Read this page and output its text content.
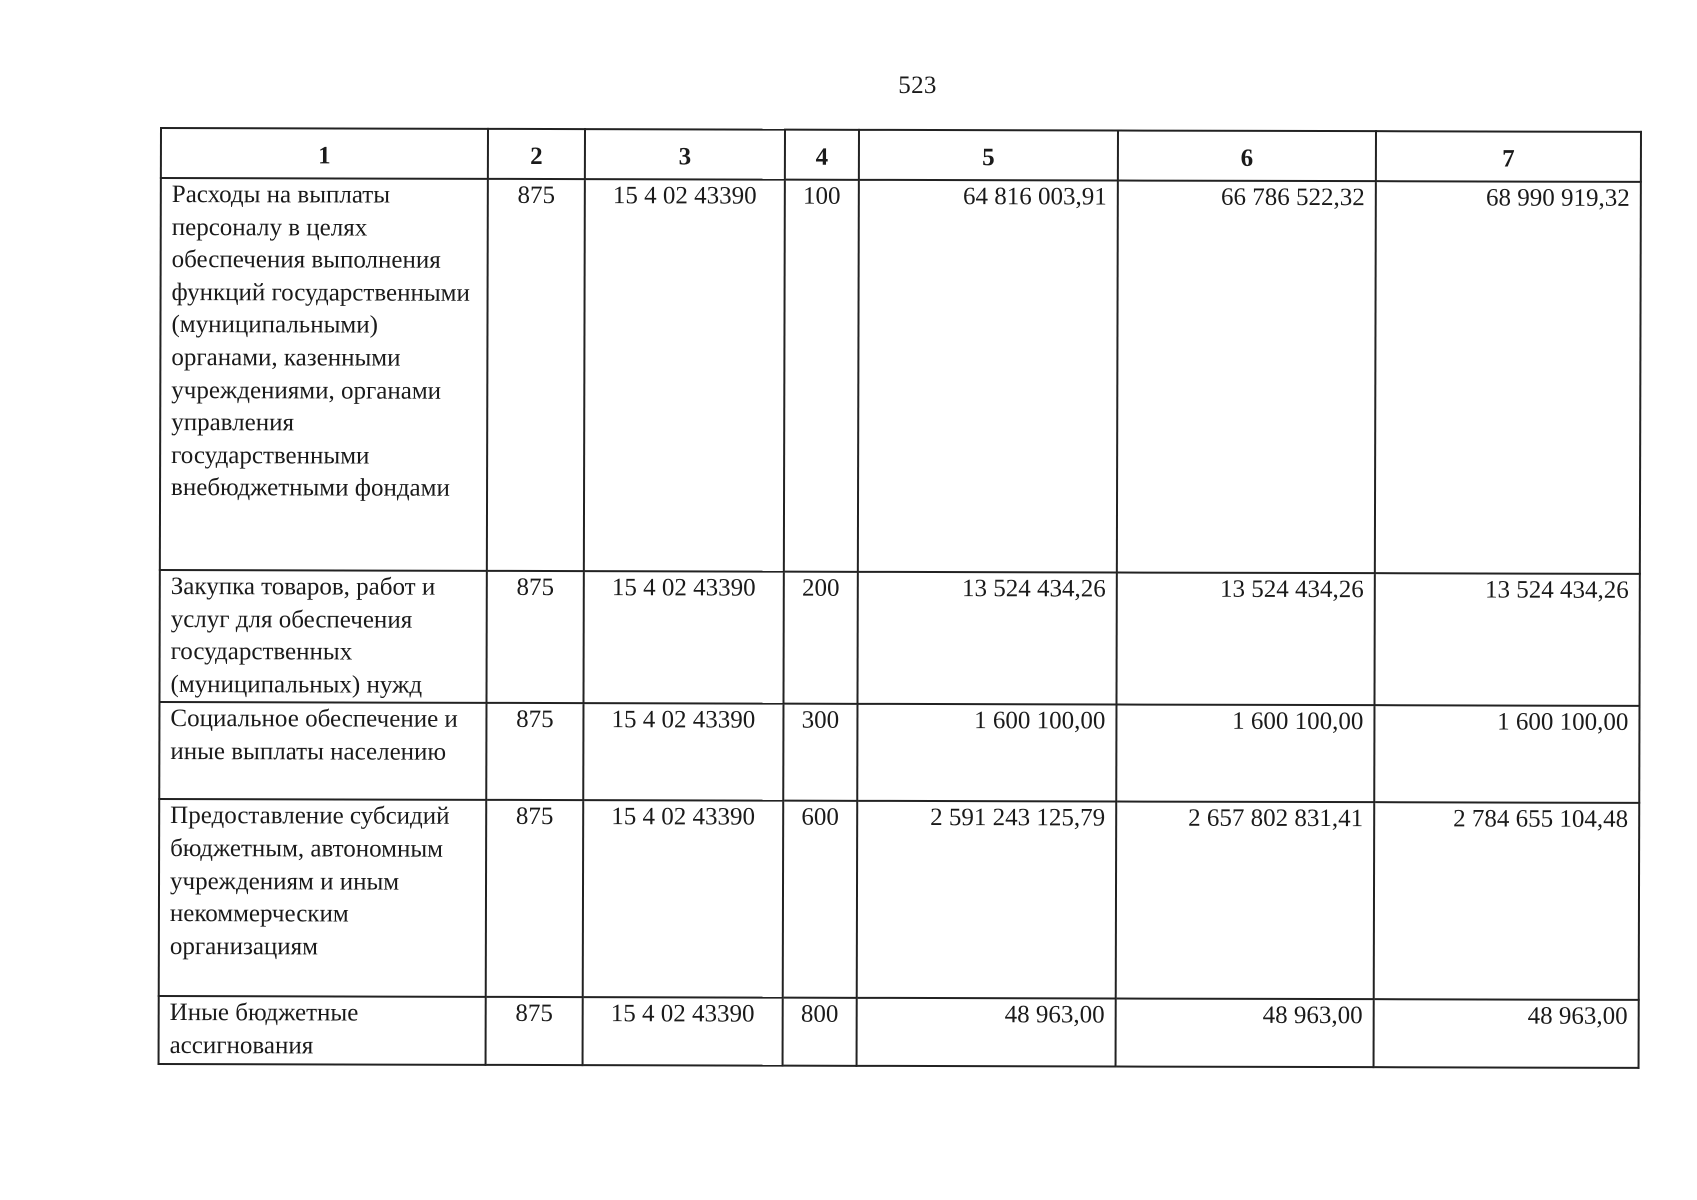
523
1	2	3	4	5	6	7
Расходы на выплаты персоналу в целях обеспечения выполнения функций государственными (муниципальными) органами, казенными учреждениями, органами управления государственными внебюджетными фондами	875	15 4 02 43390	100	64 816 003,91	66 786 522,32	68 990 919,32
Закупка товаров, работ и услуг для обеспечения государственных (муниципальных) нужд	875	15 4 02 43390	200	13 524 434,26	13 524 434,26	13 524 434,26
Социальное обеспечение и иные выплаты населению	875	15 4 02 43390	300	1 600 100,00	1 600 100,00	1 600 100,00
Предоставление субсидий бюджетным, автономным учреждениям и иным некоммерческим организациям	875	15 4 02 43390	600	2 591 243 125,79	2 657 802 831,41	2 784 655 104,48
Иные бюджетные ассигнования	875	15 4 02 43390	800	48 963,00	48 963,00	48 963,00
